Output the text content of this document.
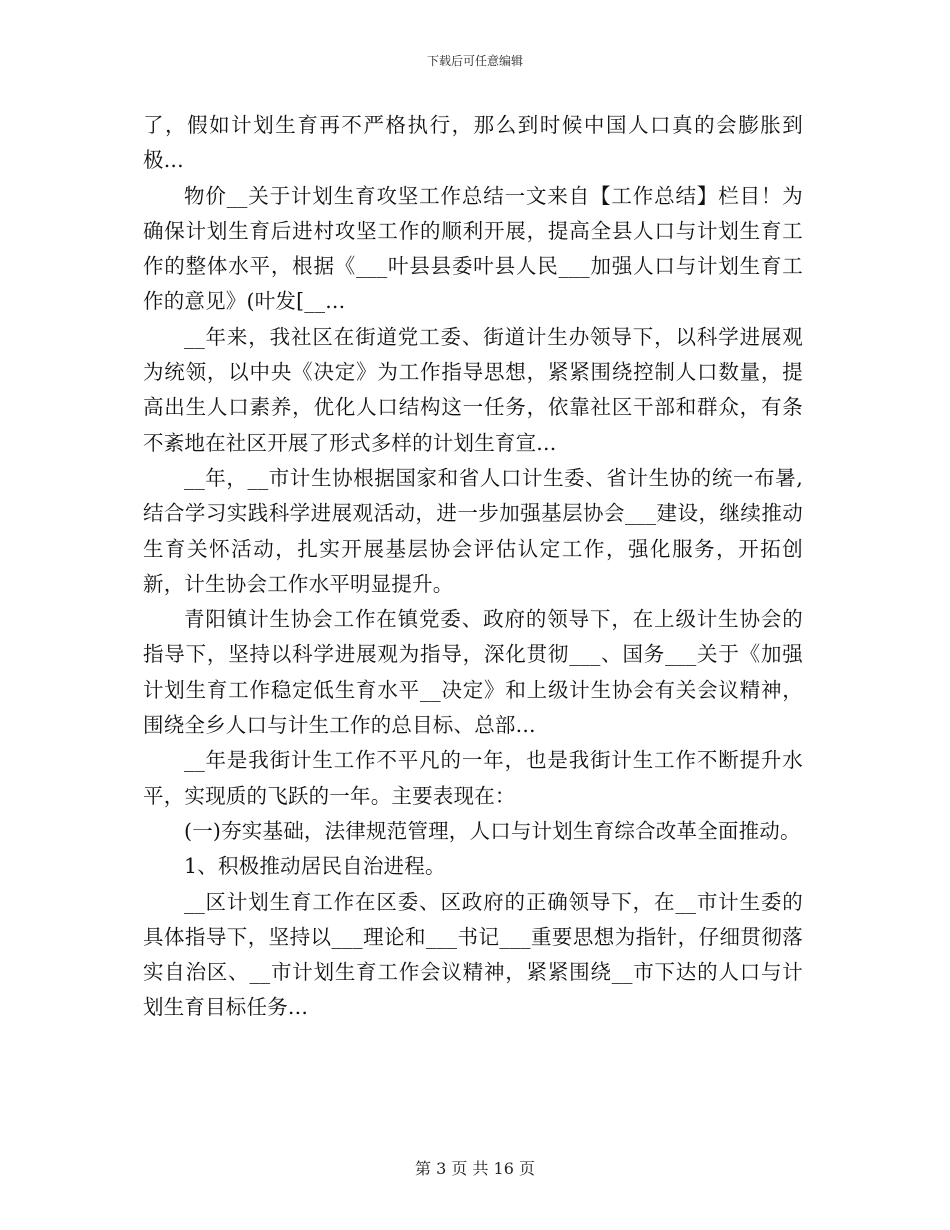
下载后可任意编辑

了，假如计划生育再不严格执行，那么到时候中国人口真的会膨胀到极...

物价__关于计划生育攻坚工作总结一文来自【工作总结】栏目！为确保计划生育后进村攻坚工作的顺利开展，提高全县人口与计划生育工作的整体水平，根据《___叶县县委叶县人民___加强人口与计划生育工作的意见》(叶发[__...

__年来，我社区在街道党工委、街道计生办领导下，以科学进展观为统领，以中央《决定》为工作指导思想，紧紧围绕控制人口数量，提高出生人口素养，优化人口结构这一任务，依靠社区干部和群众，有条不紊地在社区开展了形式多样的计划生育宣...

__年，__市计生协根据国家和省人口计生委、省计生协的统一布暑,结合学习实践科学进展观活动，进一步加强基层协会___建设，继续推动生育关怀活动，扎实开展基层协会评估认定工作，强化服务，开拓创新，计生协会工作水平明显提升。

青阳镇计生协会工作在镇党委、政府的领导下，在上级计生协会的指导下，坚持以科学进展观为指导，深化贯彻___、国务___关于《加强计划生育工作稳定低生育水平__决定》和上级计生协会有关会议精神，围绕全乡人口与计生工作的总目标、总部...

__年是我街计生工作不平凡的一年，也是我街计生工作不断提升水平，实现质的飞跃的一年。主要表现在：

(一)夯实基础，法律规范管理，人口与计划生育综合改革全面推动。

1、积极推动居民自治进程。

__区计划生育工作在区委、区政府的正确领导下，在__市计生委的具体指导下，坚持以___理论和___书记___重要思想为指针，仔细贯彻落实自治区、__市计划生育工作会议精神，紧紧围绕__市下达的人口与计划生育目标任务...

第 3 页 共 16 页
